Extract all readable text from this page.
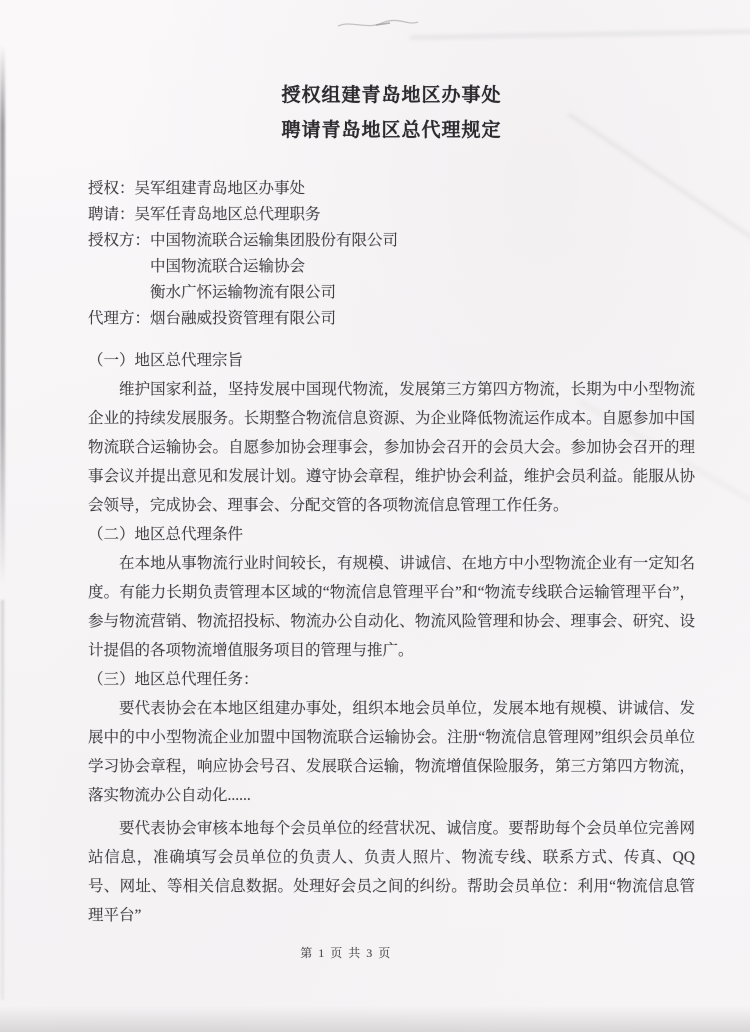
授权组建青岛地区办事处
聘请青岛地区总代理规定
授权：吴军组建青岛地区办事处
聘请：吴军任青岛地区总代理职务
授权方：中国物流联合运输集团股份有限公司
中国物流联合运输协会
衡水广怀运输物流有限公司
代理方：烟台融威投资管理有限公司
（一）地区总代理宗旨

维护国家利益，坚持发展中国现代物流，发展第三方第四方物流，长期为中小型物流企业的持续发展服务。长期整合物流信息资源、为企业降低物流运作成本。自愿参加中国物流联合运输协会。自愿参加协会理事会，参加协会召开的会员大会。参加协会召开的理事会议并提出意见和发展计划。遵守协会章程，维护协会利益，维护会员利益。能服从协会领导，完成协会、理事会、分配交管的各项物流信息管理工作任务。

（二）地区总代理条件

在本地从事物流行业时间较长，有规模、讲诚信、在地方中小型物流企业有一定知名度。有能力长期负责管理本区域的“物流信息管理平台”和“物流专线联合运输管理平台”，参与物流营销、物流招投标、物流办公自动化、物流风险管理和协会、理事会、研究、设计提倡的各项物流增值服务项目的管理与推广。

（三）地区总代理任务：

要代表协会在本地区组建办事处，组织本地会员单位，发展本地有规模、讲诚信、发展中的中小型物流企业加盟中国物流联合运输协会。注册“物流信息管理网”组织会员单位学习协会章程，响应协会号召、发展联合运输，物流增值保险服务，第三方第四方物流，落实物流办公自动化......

要代表协会审核本地每个会员单位的经营状况、诚信度。要帮助每个会员单位完善网站信息，准确填写会员单位的负责人、负责人照片、物流专线、联系方式、传真、QQ 号、网址、等相关信息数据。处理好会员之间的纠纷。帮助会员单位：利用“物流信息管理平台”

第 1 页 共 3 页
